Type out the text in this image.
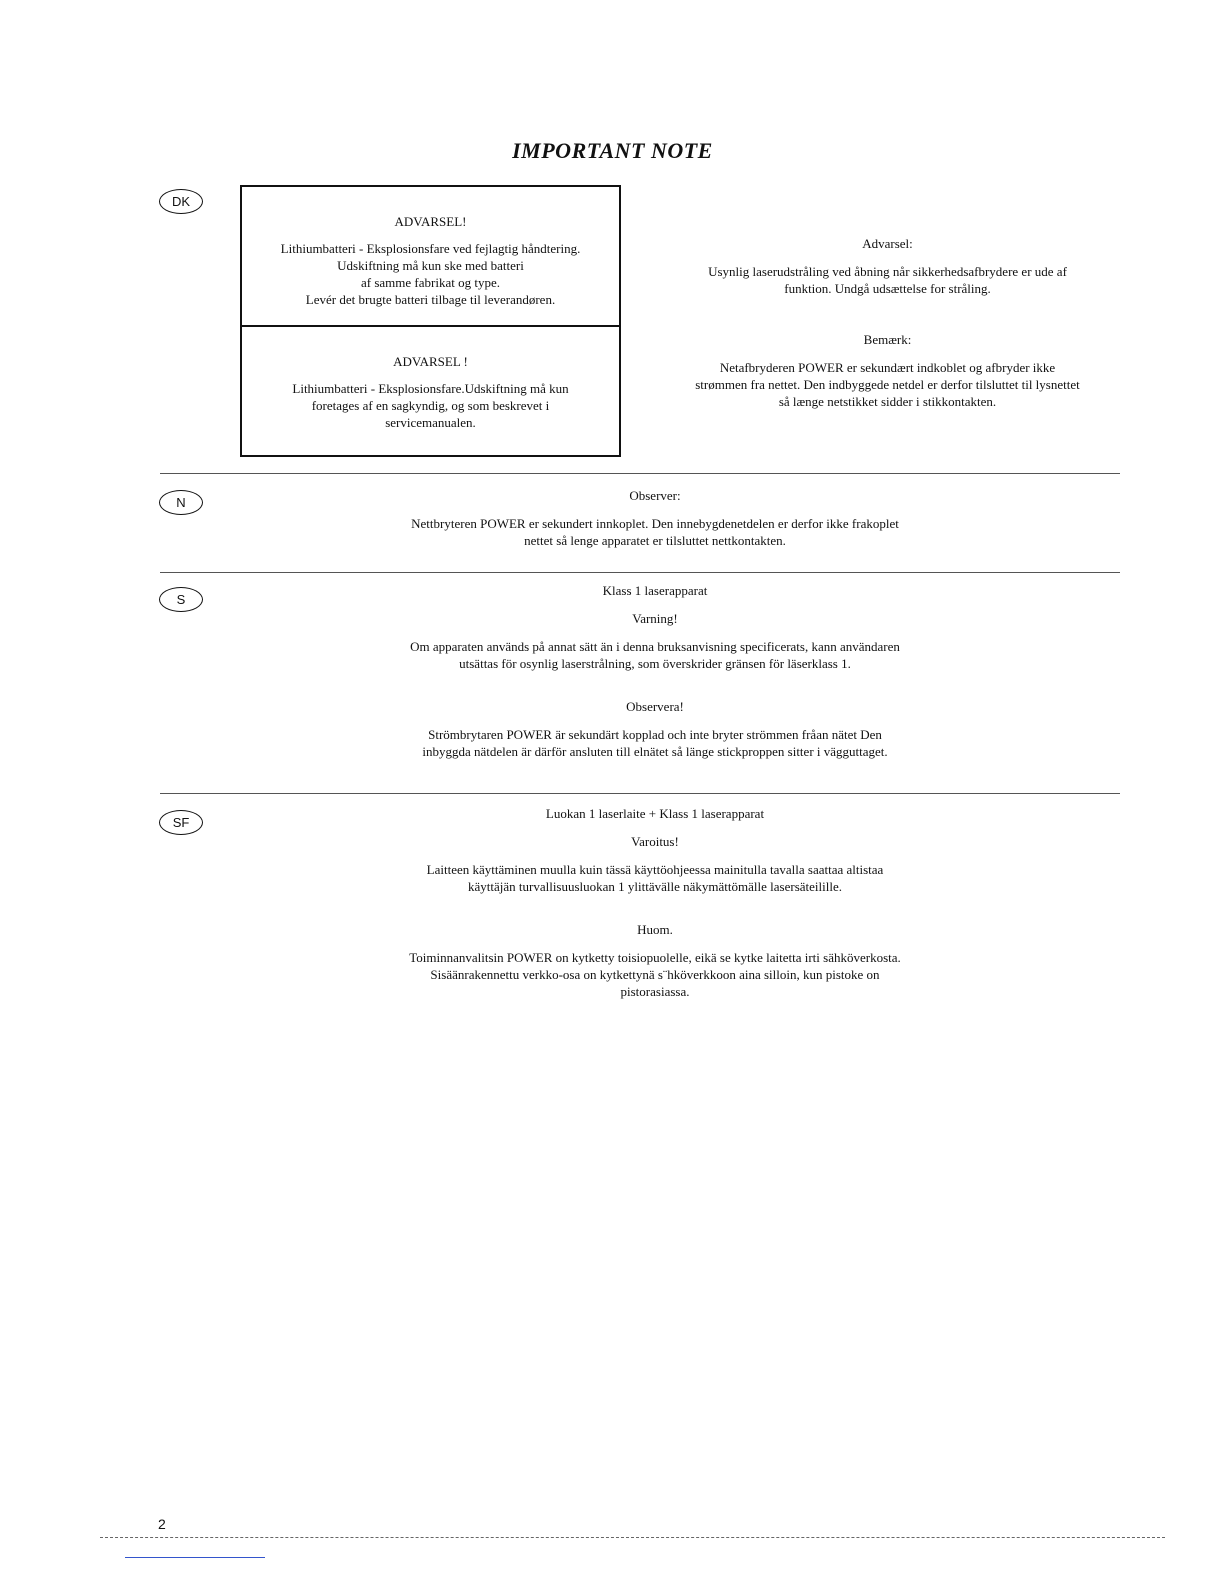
IMPORTANT NOTE
DK

ADVARSEL!

Lithiumbatteri - Eksplosionsfare ved fejlagtig håndtering.

Udskiftning må kun ske med batteri

af samme fabrikat og type.

Levér det brugte batteri tilbage til leverandøren.

ADVARSEL !

Lithiumbatteri - Eksplosionsfare.Udskiftning må kun

foretages af en sagkyndig, og som beskrevet i

servicemanualen.

Advarsel:

Usynlig laserudstråling ved åbning når sikkerhedsafbrydere er ude af

funktion. Undgå udsættelse for stråling.

Bemærk:

Netafbryderen POWER er sekundært indkoblet og afbryder ikke

strømmen fra nettet. Den indbyggede netdel er derfor tilsluttet til lysnettet

så længe netstikket sidder i stikkontakten.

N	Observer:

Nettbryteren POWER er sekundert innkoplet. Den innebygdenetdelen er derfor ikke frakoplet

nettet så lenge apparatet er tilsluttet nettkontakten.

S

Klass 1 laserapparat

Varning!

Om apparaten används på annat sätt än i denna bruksanvisning specificerats, kann användaren

utsättas för osynlig laserstrålning, som överskrider gränsen för läserklass 1.

Observera!

Strömbrytaren POWER är sekundärt kopplad och inte bryter strömmen fråan nätet Den

inbyggda nätdelen är därför ansluten till elnätet så länge stickproppen sitter i vägguttaget.

SF

Luokan 1 laserlaite + Klass 1 laserapparat

Varoitus!

Laitteen käyttäminen muulla kuin tässä käyttöohjeessa mainitulla tavalla saattaa altistaa

käyttäjän turvallisuusluokan 1 ylittävälle näkymättömälle lasersäteilille.

Huom.

Toiminnanvalitsin POWER on kytketty toisiopuolelle, eikä se kytke laitetta irti sähköverkosta.

Sisäänrakennettu verkko-osa on kytkettynä s¨hköverkkoon aina silloin, kun pistoke on

pistorasiassa.

2
